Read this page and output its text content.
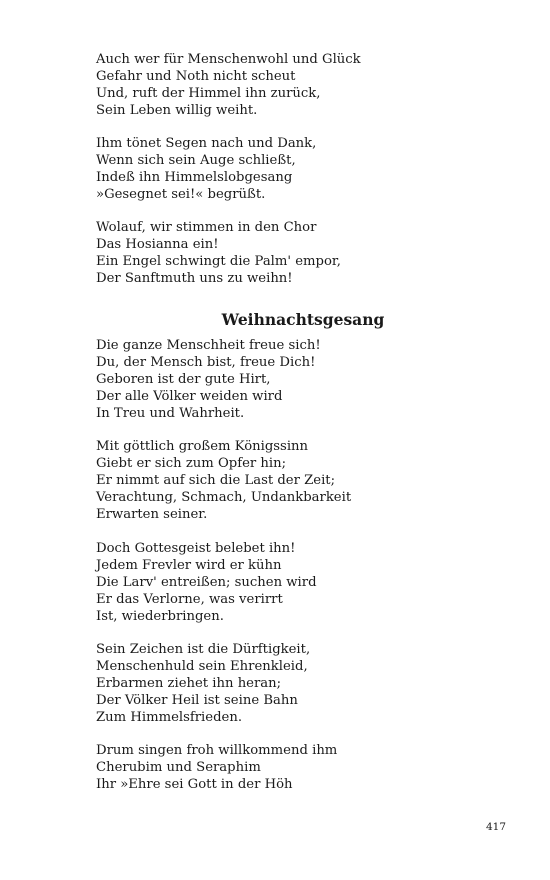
Auch wer für Menschenwohl und Glück
Gefahr und Noth nicht scheut
Und, ruft der Himmel ihn zurück,
Sein Leben willig weiht.
Ihm tönet Segen nach und Dank,
Wenn sich sein Auge schließt,
Indeß ihn Himmelslobgesang
»Gesegnet sei!« begrüßt.
Wolauf, wir stimmen in den Chor
Das Hosianna ein!
Ein Engel schwingt die Palm' empor,
Der Sanftmuth uns zu weihn!
Weihnachtsgesang
Die ganze Menschheit freue sich!
Du, der Mensch bist, freue Dich!
Geboren ist der gute Hirt,
Der alle Völker weiden wird
In Treu und Wahrheit.
Mit göttlich großem Königssinn
Giebt er sich zum Opfer hin;
Er nimmt auf sich die Last der Zeit;
Verachtung, Schmach, Undankbarkeit
Erwarten seiner.
Doch Gottesgeist belebet ihn!
Jedem Frevler wird er kühn
Die Larv' entreißen; suchen wird
Er das Verlorne, was verirrt
Ist, wiederbringen.
Sein Zeichen ist die Dürftigkeit,
Menschenhuld sein Ehrenkleid,
Erbarmen ziehet ihn heran;
Der Völker Heil ist seine Bahn
Zum Himmelsfrieden.
Drum singen froh willkommend ihm
Cherubim und Seraphim
Ihr »Ehre sei Gott in der Höh
417
